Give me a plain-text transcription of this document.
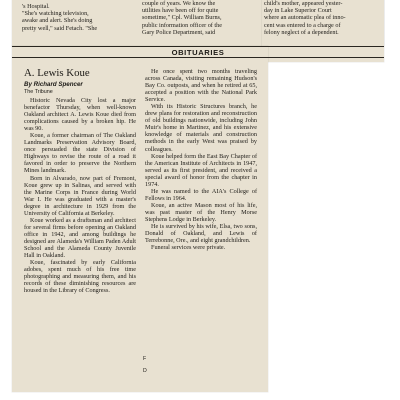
's Hospital.
"She's watching television,
awake and alert. She's doing
pretty well," said Fetach. "She
couple of years. We know the
utilities have been off for quite
sometime," Cpl. William Burns,
public information officer of the
Gary Police Department, said
child's mother, appeared yester-
day in Lake Superior Court
where an automatic plea of inno-
cent was entered to a charge of
felony neglect of a dependent.
OBITUARIES
A. Lewis Koue
By Richard Spencer
The Tribune

Historic Nevada City lost a major benefactor Thursday, when well-known Oakland architect A. Lewis Koue died from complications caused by a broken hip. He was 90.

Koue, a former chairman of The Oakland Landmarks Preservation Advisory Board, once persuaded the state Division of Highways to revise the route of a road it favored in order to preserve the Northern Mines landmark.

Born in Alvarado, now part of Fremont, Koue grew up in Salinas, and served with the Marine Corps in France during World War I. He was graduated with a master's degree in architecture in 1929 from the University of California at Berkeley.

Koue worked as a draftsman and architect for several firms before opening an Oakland office in 1942, and among buildings he designed are Alameda's William Paden Adult School and the Alameda County Juvenile Hall in Oakland.

Koue, fascinated by early California adobes, spent much of his free time photographing and measuring them, and his records of these diminishing resources are housed in the Library of Congress.

He once spent two months traveling across Canada, visiting remaining Hudson's Bay Co. outposts, and when he retired at 65, accepted a position with the National Park Service.

With its Historic Structures branch, he drew plans for restoration and reconstruction of old buildings nationwide, including John Muir's home in Martinez, and his extensive knowledge of materials and construction methods in the early West was praised by colleagues.

Koue helped form the East Bay Chapter of the American Institute of Architects in 1947, served as its first president, and received a special award of honor from the chapter in 1974.

He was named to the AIA's College of Fellows in 1964.

Koue, an active Mason most of his life, was past master of the Henry Morse Stephens Lodge in Berkeley.

He is survived by his wife, Elsa, two sons, Donald of Oakland, and Lewis of Terrebonne, Ore., and eight grandchildren.

Funeral services were private.

F
D
